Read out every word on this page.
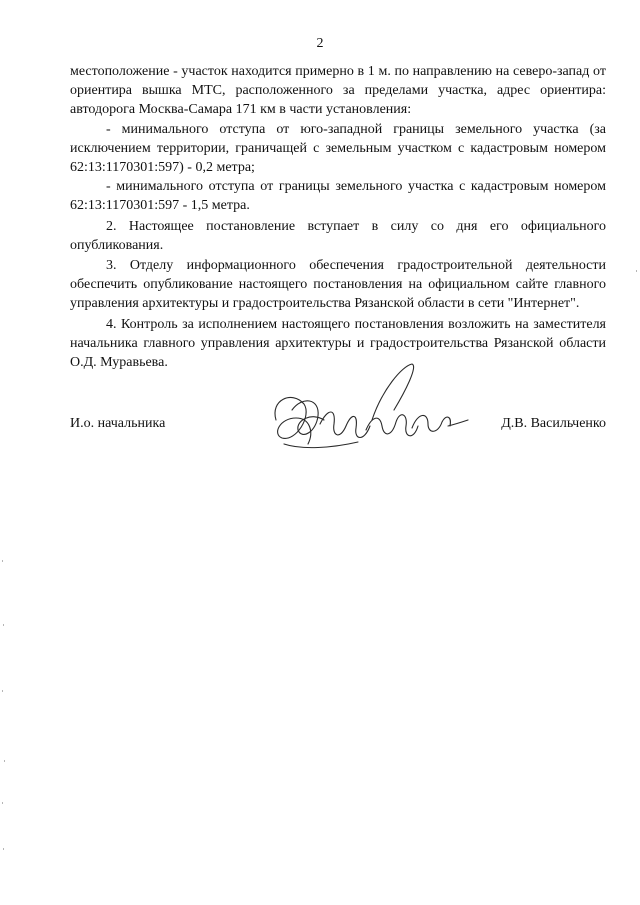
2

местоположение - участок находится примерно в 1 м. по направлению на северо-запад от ориентира вышка МТС, расположенного за пределами участка, адрес ориентира: автодорога Москва-Самара 171 км в части установления:

- минимального отступа от юго-западной границы земельного участка (за исключением территории, граничащей с земельным участком с кадастровым номером 62:13:1170301:597) - 0,2 метра;

- минимального отступа от границы земельного участка с кадастровым номером 62:13:1170301:597 - 1,5 метра.

2. Настоящее постановление вступает в силу со дня его официального опубликования.

3. Отделу информационного обеспечения градостроительной деятельности обеспечить опубликование настоящего постановления на официальном сайте главного управления архитектуры и градостроительства Рязанской области в сети "Интернет".

4. Контроль за исполнением настоящего постановления возложить на заместителя начальника главного управления архитектуры и градостроительства Рязанской области О.Д. Муравьева.

И.о. начальника	Д.В. Васильченко
